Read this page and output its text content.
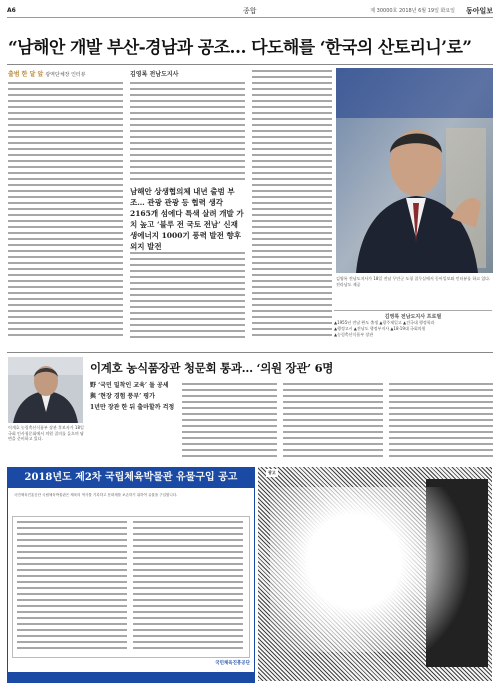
A6	종합	제 30000호 2018년 6월 19일 화요일 동아일보
“남해안 개발 부산-경남과 공조… 다도해를 ‘한국의 산토리니’로”
출범 한 달 앞 광역단체장 인터뷰	김영록 전남도지사
남해안 상생협의체 내년 출범 부조… 관광 관광 등 협력 생각 2165개 섬에다 특색 살려 개발 가치 높고 ‘블루 전 국토 전남’ 신재생에너지 1000기 풍력 발전 향후 외지 발전
김영록 전남도지사가 18일 전남 무안군 도청 집무실에서 동아일보와 인터뷰를 하고 있다. 전라남도 제공
김영록 전남도지사 프로필
▲1955년 전남 완도 출생 ▲광주제일고 ▲건국대 행정학과
▲행정고시 ▲전남도 행정부지사 ▲18·19대 국회의원
▲농림축산식품부 장관
이개호 농림축산식품부 장관 후보자가 18일 국회 인사청문회에서 의원 질의를 들으며 답변을 준비하고 있다.
이계호 농식품장관 청문회 통과… ‘의원 장관’ 6명
野 ‘국민 밀착인 교육’ 돌 공세
與 ‘현장 경험 풍부’ 평가
1년만 장관 한 뒤 출마할까 걱정
2018년도 제2차 국립체육박물관 유물구입 공고
국민체육진흥공단 국립체육박물관은 체육의 역사를 기록하고 문화재를 보존하기 위하여 유물을 구입합니다.
국민체육진흥공단
광고
